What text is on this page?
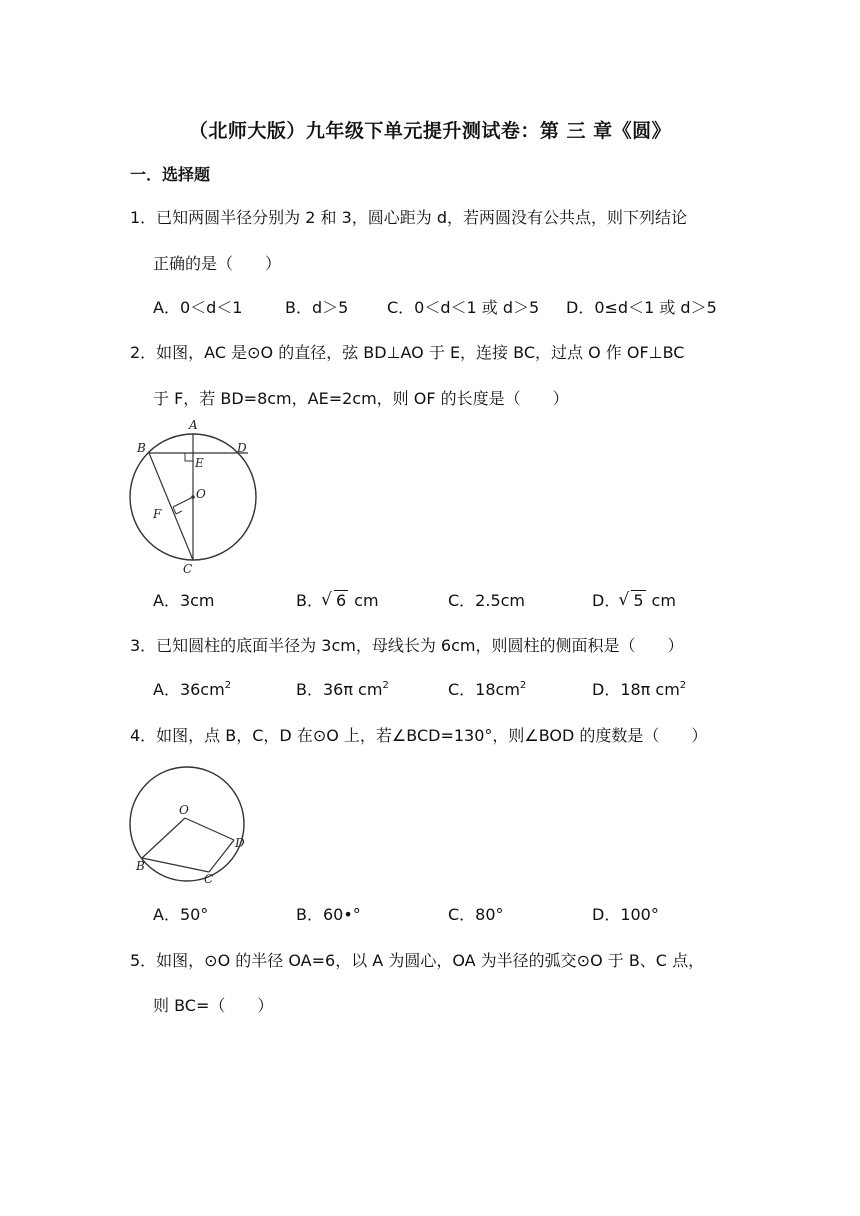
（北师大版）九年级下单元提升测试卷：第 三 章《圆》
一．选择题
1．已知两圆半径分别为 2 和 3，圆心距为 d，若两圆没有公共点，则下列结论
正确的是（　　）
A．0＜d＜1	B．d＞5 C．0＜d＜1 或 d＞5 D．0≤d＜1 或 d＞5
2．如图，AC 是⊙O 的直径，弦 BD⊥AO 于 E，连接 BC，过点 O 作 OF⊥BC
于 F，若 BD=8cm，AE=2cm，则 OF 的长度是（　　）
A
B	D
E
O
F
C
A．3cm	B． √ 6 cm	C．2.5cm	D． √ 5 cm
3．已知圆柱的底面半径为 3cm，母线长为 6cm，则圆柱的侧面积是（　　）
A．$36cm^2$	B．36π $cm^2$	C．$18cm^2$	D．18π $cm^2$
4．如图，点 B，C，D 在⊙O 上，若∠BCD=130°，则∠BOD 的度数是（　　）
O
B
D
C
A．50°	B．60•°	C．80°	D．100°
5．如图，⊙O 的半径 OA=6，以 A 为圆心，OA 为半径的弧交⊙O 于 B、C 点，
则 BC=（　　）
